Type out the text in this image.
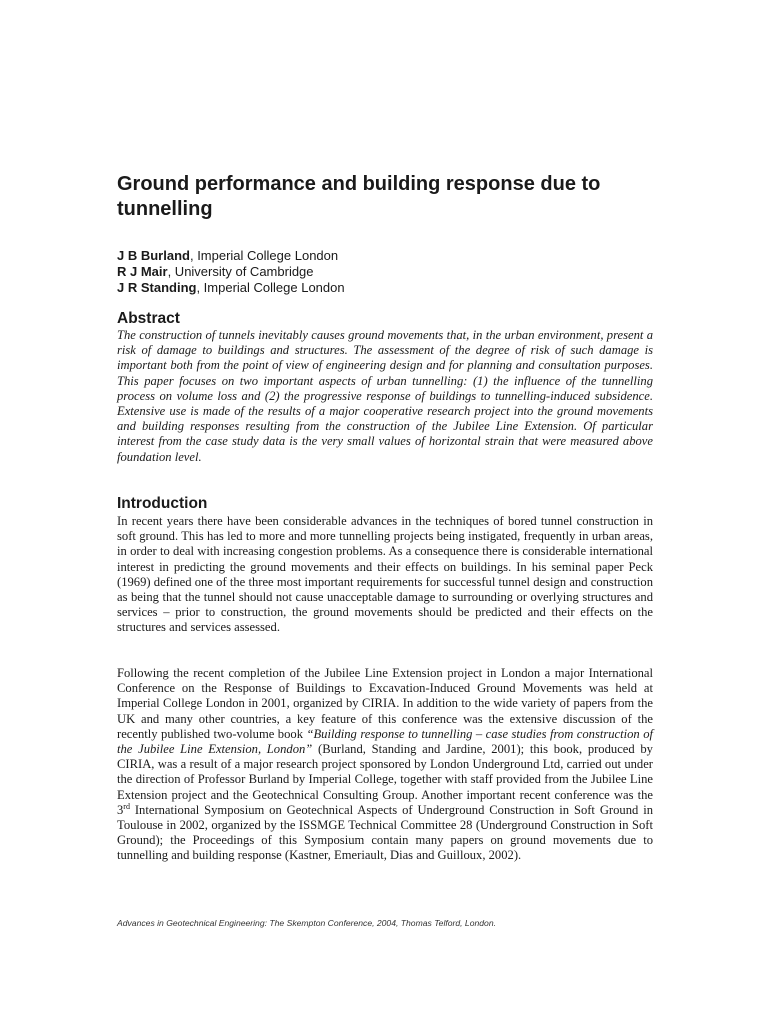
Ground performance and building response due to tunnelling
J B Burland, Imperial College London
R J Mair, University of Cambridge
J R Standing, Imperial College London
Abstract

The construction of tunnels inevitably causes ground movements that, in the urban environment, present a risk of damage to buildings and structures. The assessment of the degree of risk of such damage is important both from the point of view of engineering design and for planning and consultation purposes. This paper focuses on two important aspects of urban tunnelling: (1) the influence of the tunnelling process on volume loss and (2) the progressive response of buildings to tunnelling-induced subsidence. Extensive use is made of the results of a major cooperative research project into the ground movements and building responses resulting from the construction of the Jubilee Line Extension. Of particular interest from the case study data is the very small values of horizontal strain that were measured above foundation level.

Introduction

In recent years there have been considerable advances in the techniques of bored tunnel construction in soft ground. This has led to more and more tunnelling projects being instigated, frequently in urban areas, in order to deal with increasing congestion problems. As a consequence there is considerable international interest in predicting the ground movements and their effects on buildings. In his seminal paper Peck (1969) defined one of the three most important requirements for successful tunnel design and construction as being that the tunnel should not cause unacceptable damage to surrounding or overlying structures and services – prior to construction, the ground movements should be predicted and their effects on the structures and services assessed.

Following the recent completion of the Jubilee Line Extension project in London a major International Conference on the Response of Buildings to Excavation-Induced Ground Movements was held at Imperial College London in 2001, organized by CIRIA. In addition to the wide variety of papers from the UK and many other countries, a key feature of this conference was the extensive discussion of the recently published two-volume book “Building response to tunnelling – case studies from construction of the Jubilee Line Extension, London” (Burland, Standing and Jardine, 2001); this book, produced by CIRIA, was a result of a major research project sponsored by London Underground Ltd, carried out under the direction of Professor Burland by Imperial College, together with staff provided from the Jubilee Line Extension project and the Geotechnical Consulting Group. Another important recent conference was the 3rd International Symposium on Geotechnical Aspects of Underground Construction in Soft Ground in Toulouse in 2002, organized by the ISSMGE Technical Committee 28 (Underground Construction in Soft Ground); the Proceedings of this Symposium contain many papers on ground movements due to tunnelling and building response (Kastner, Emeriault, Dias and Guilloux, 2002).

Advances in Geotechnical Engineering: The Skempton Conference, 2004, Thomas Telford, London.
